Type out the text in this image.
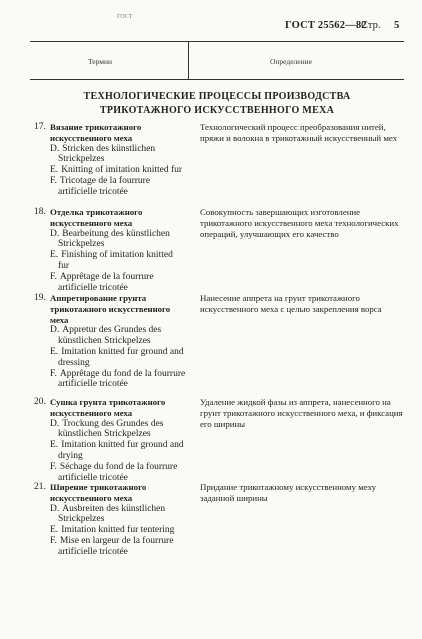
ГОСТ
ГОСТ 25562—82
Стр. 5
Термин	Определение
ТЕХНОЛОГИЧЕСКИЕ ПРОЦЕССЫ ПРОИЗВОДСТВА
ТРИКОТАЖНОГО ИСКУССТВЕННОГО МЕХА
17. Вязание трикотажного искусственного меха
D. Stricken des künstlichen Strickpelzes
E. Knitting of imitation knitted fur
F. Tricotage de la fourrure artificielle tricotée
Технологический процесс преобразования нитей, пряжи и волокна в трикотажный искусственный мех
18. Отделка трикотажного искусственного меха
D. Bearbeitung des künstlichen Strickpelzes
E. Finishing of imitation knitted fur
F. Apprêtage de la fourrure artificielle tricotée
Совокупность завершающих изготовление трикотажного искусственного меха технологических операций, улучшающих его качество
19. Аппретирование грунта трикотажного искусственного меха
D. Appretur des Grundes des künstlichen Strickpelzes
E. Imitation knitted fur ground and dressing
F. Apprêtage du fond de la fourrure artificielle tricotée
Нанесение аппрета на грунт трикотажного искусственного меха с целью закрепления ворса
20. Сушка грунта трикотажного искусственного меха
D. Trockung des Grundes des künstlichen Strickpelzes
E. Imitation knitted fur ground and drying
F. Séchage du fond de la fourrure artificielle tricotée
Удаление жидкой фазы из аппрета, нанесенного на грунт трикотажного искусственного меха, и фиксация его ширины
21. Ширение трикотажного искусственного меха
D. Ausbreiten des künstlichen Strickpelzes
E. Imitation knitted fur tentering
F. Mise en largeur de la fourrure artificielle tricotée
Придание трикотажному искусственному меху заданной ширины
